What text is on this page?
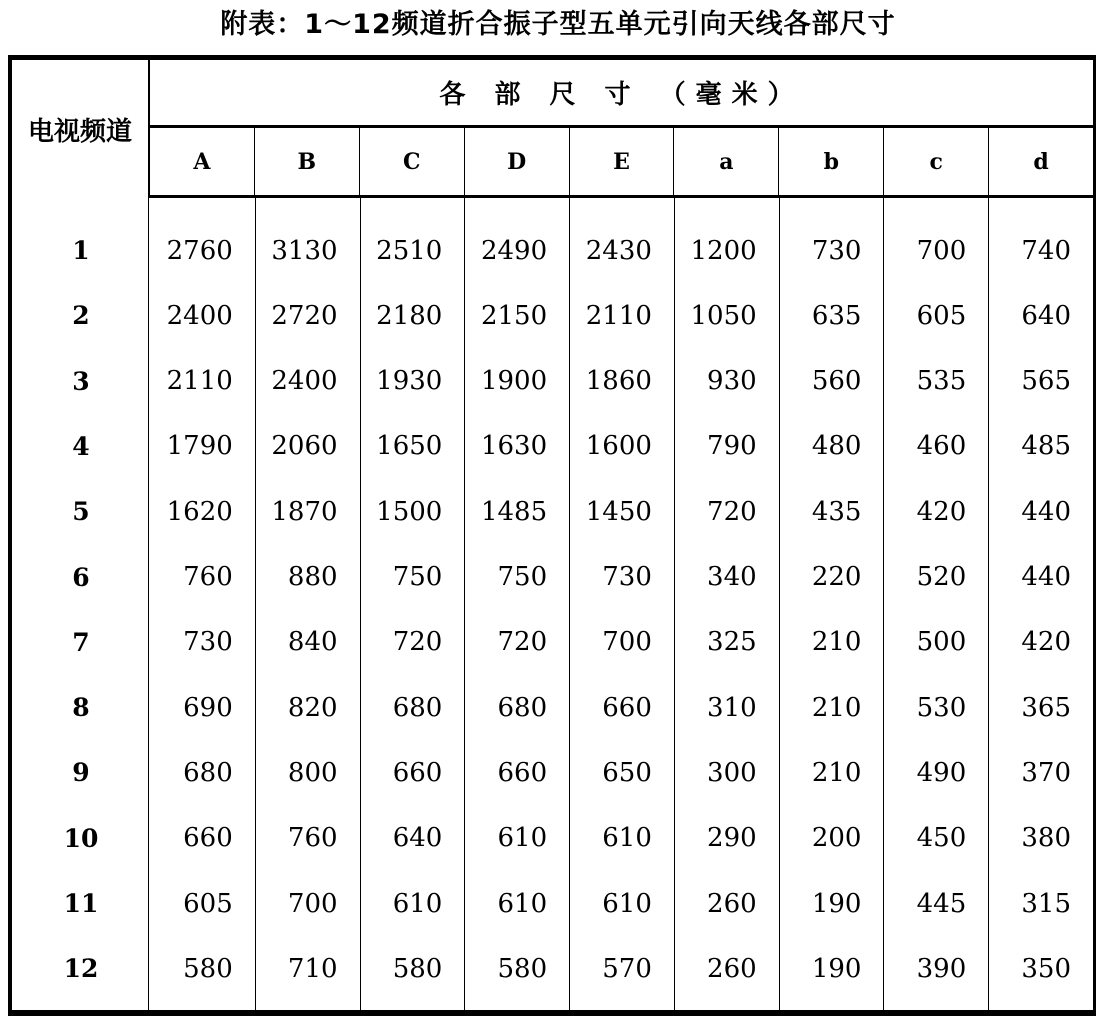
附表：1～12频道折合振子型五单元引向天线各部尺寸
电视频道
各 部 尺 寸 （毫米）
A	B	C	D	E	a	b	c	d
1	2760	3130	2510	2490	2430	1200	730	700	740
2	2400	2720	2180	2150	2110	1050	635	605	640
3	2110	2400	1930	1900	1860	930	560	535	565
4	1790	2060	1650	1630	1600	790	480	460	485
5	1620	1870	1500	1485	1450	720	435	420	440
6	760	880	750	750	730	340	220	520	440
7	730	840	720	720	700	325	210	500	420
8	690	820	680	680	660	310	210	530	365
9	680	800	660	660	650	300	210	490	370
10	660	760	640	610	610	290	200	450	380
11	605	700	610	610	610	260	190	445	315
12	580	710	580	580	570	260	190	390	350
